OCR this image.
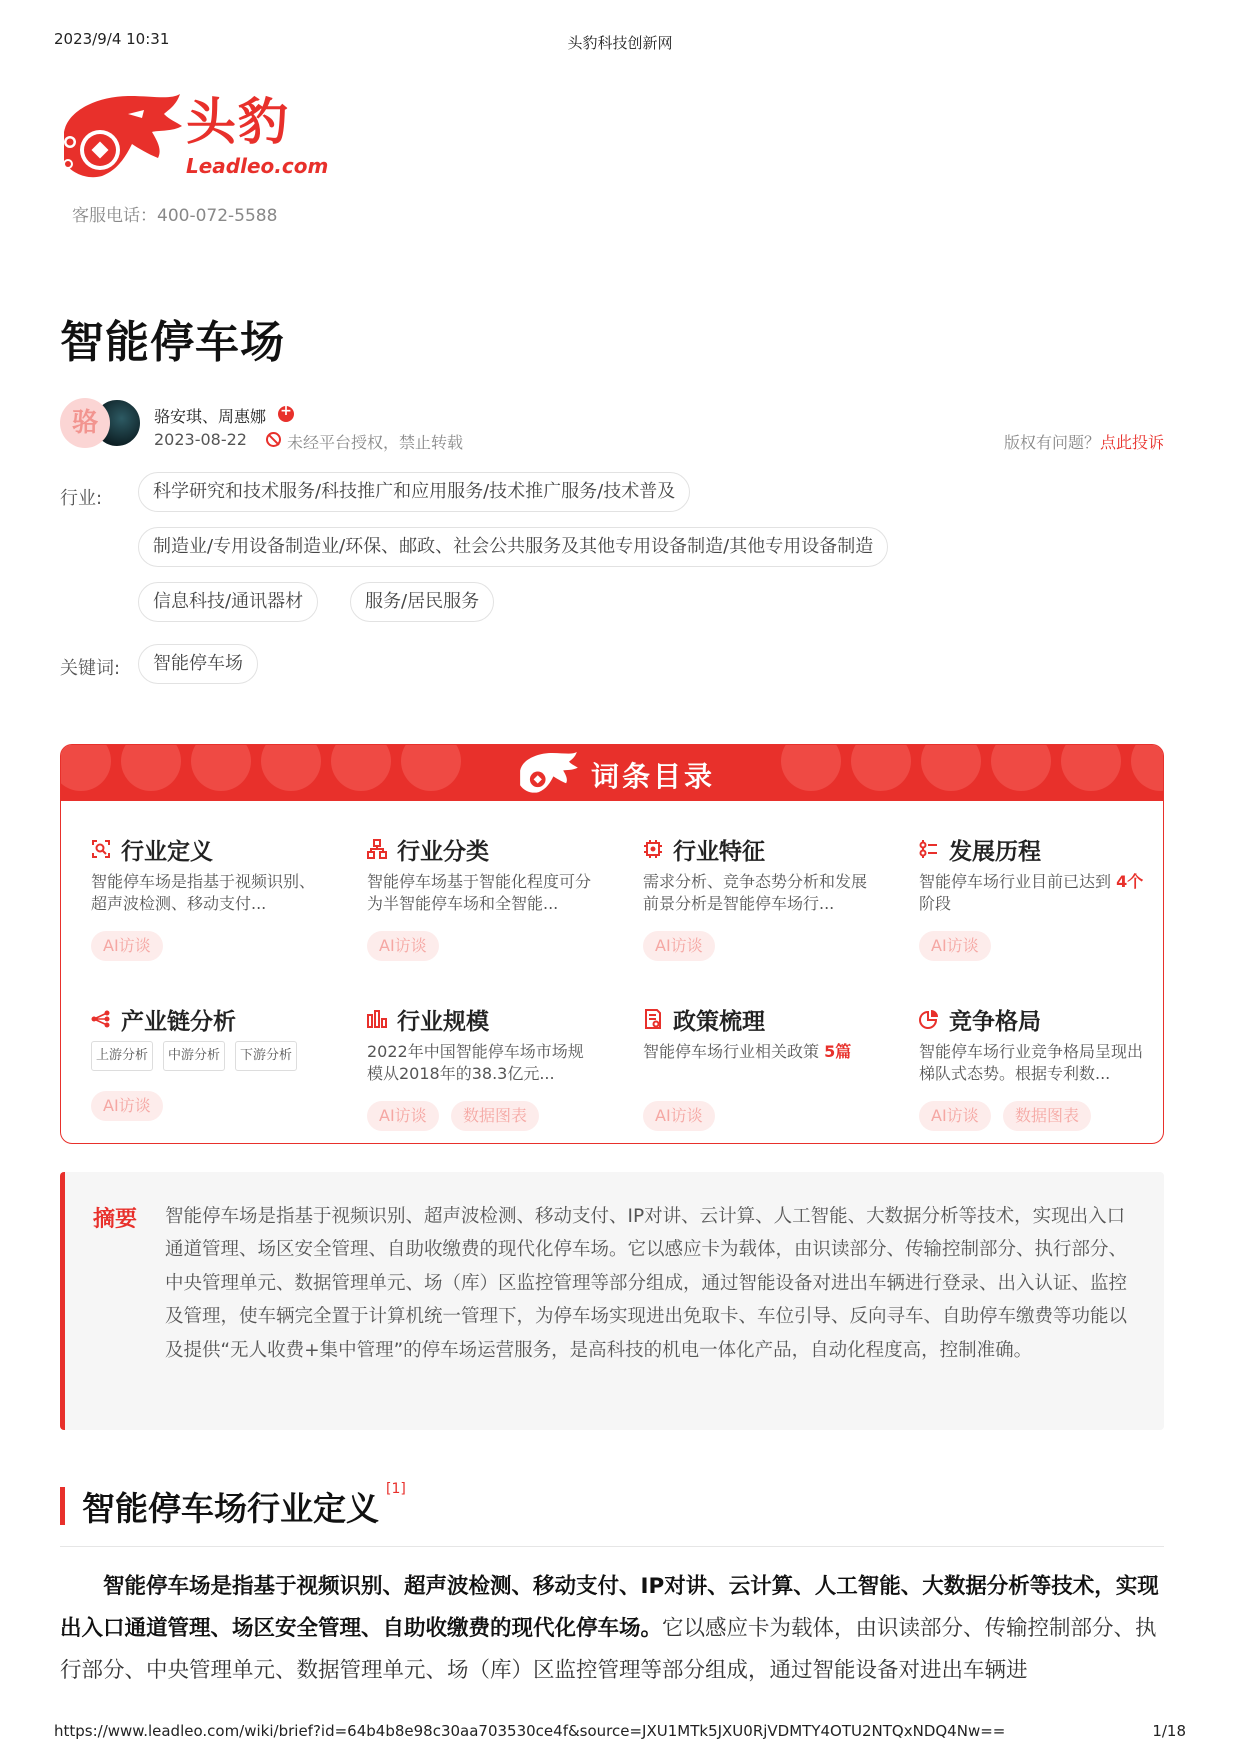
2023/9/4 10:31	头豹科技创新网
头豹
Leadleo.com
客服电话：400-072-5588
智能停车场
骆	骆安琪、周惠娜
+
2023-08-22	未经平台授权，禁止转载	版权有问题？点此投诉
行业:	科学研究和技术服务/科技推广和应用服务/技术推广服务/技术普及
制造业/专用设备制造业/环保、邮政、社会公共服务及其他专用设备制造/其他专用设备制造
信息科技/通讯器材	服务/居民服务
关键词:	智能停车场
词条目录
行业定义
智能停车场是指基于视频识别、超声波检测、移动支付...
AI访谈
行业分类
智能停车场基于智能化程度可分为半智能停车场和全智能...
AI访谈
行业特征
需求分析、竞争态势分析和发展前景分析是智能停车场行...
AI访谈
发展历程
智能停车场行业目前已达到 4个阶段
AI访谈
产业链分析
上游分析	中游分析	下游分析
AI访谈
行业规模
2022年中国智能停车场市场规模从2018年的38.3亿元...
AI访谈	数据图表
政策梳理
智能停车场行业相关政策 5篇
AI访谈
竞争格局
智能停车场行业竞争格局呈现出梯队式态势。根据专利数...
AI访谈	数据图表
摘要 智能停车场是指基于视频识别、超声波检测、移动支付、IP对讲、云计算、人工智能、大数据分析等技术，实现出入口通道管理、场区安全管理、自助收缴费的现代化停车场。它以感应卡为载体，由识读部分、传输控制部分、执行部分、中央管理单元、数据管理单元、场（库）区监控管理等部分组成，通过智能设备对进出车辆进行登录、出入认证、监控及管理，使车辆完全置于计算机统一管理下，为停车场实现进出免取卡、车位引导、反向寻车、自助停车缴费等功能以及提供“无人收费+集中管理”的停车场运营服务，是高科技的机电一体化产品，自动化程度高，控制准确。
智能停车场行业定义 [1]
智能停车场是指基于视频识别、超声波检测、移动支付、IP对讲、云计算、人工智能、大数据分析等技术，实现出入口通道管理、场区安全管理、自助收缴费的现代化停车场。它以感应卡为载体，由识读部分、传输控制部分、执行部分、中央管理单元、数据管理单元、场（库）区监控管理等部分组成，通过智能设备对进出车辆进
https://www.leadleo.com/wiki/brief?id=64b4b8e98c30aa703530ce4f&source=JXU1MTk5JXU0RjVDMTY4OTU2NTQxNDQ4Nw==	1/18
